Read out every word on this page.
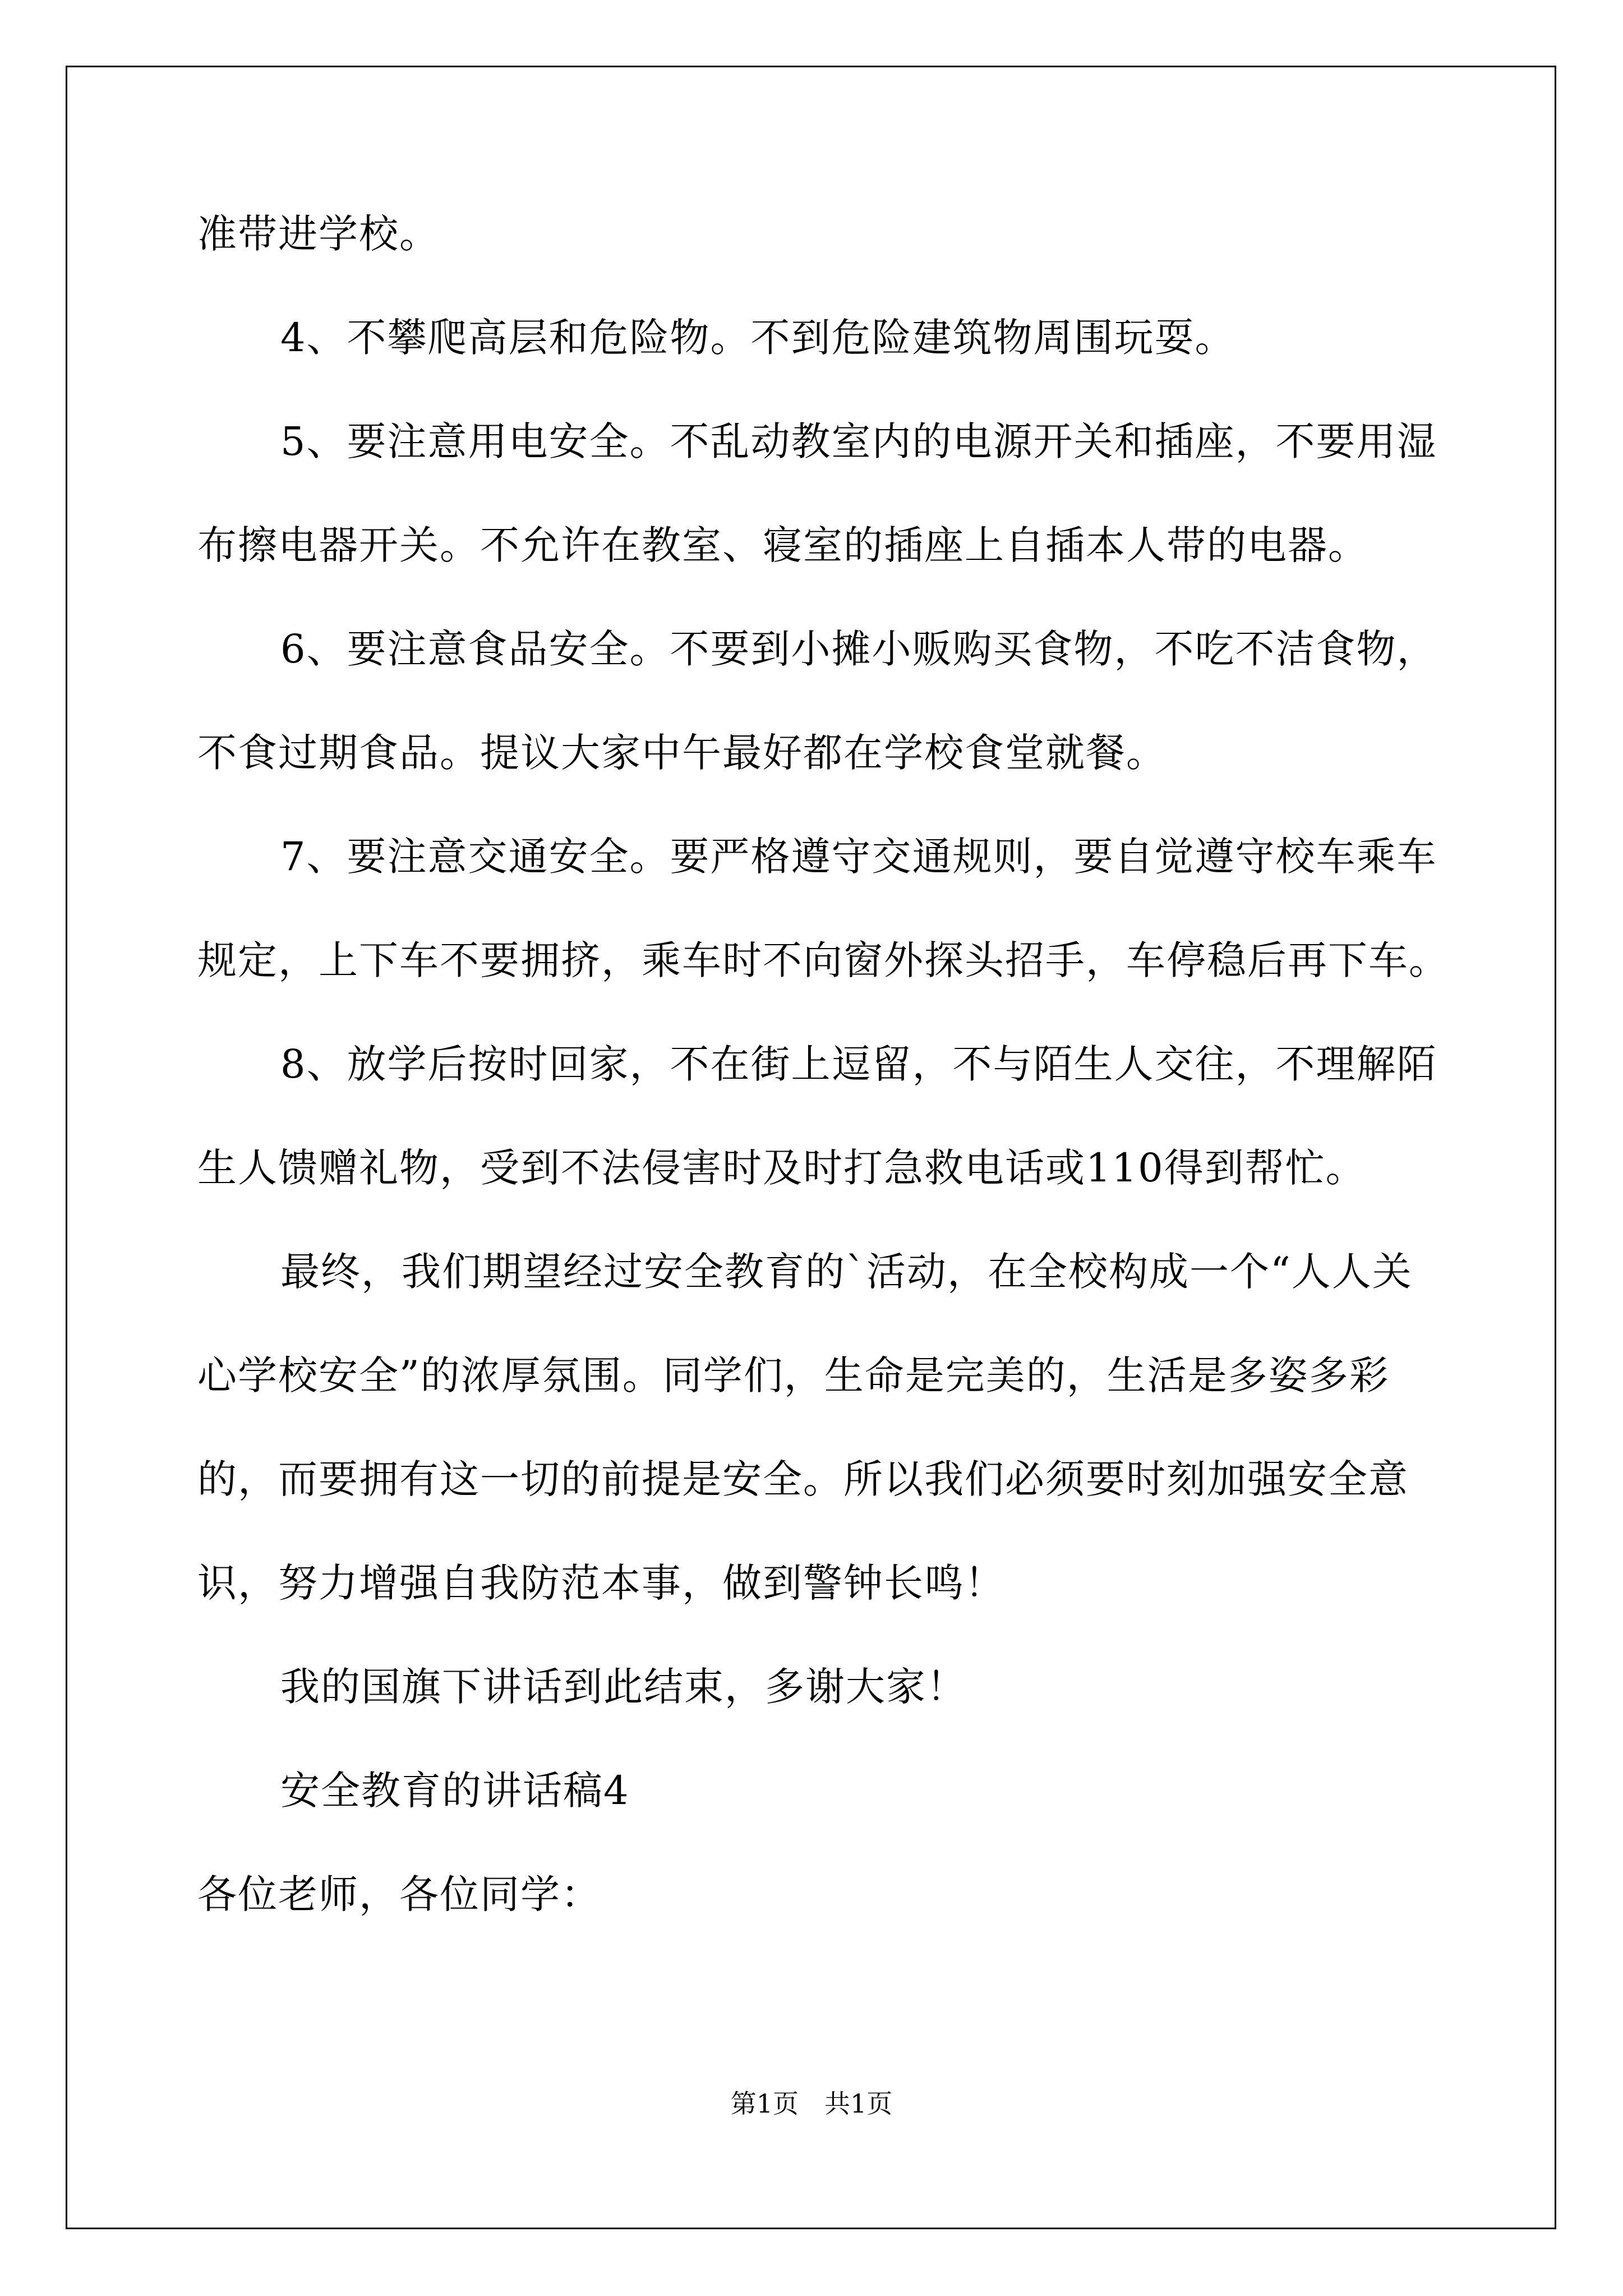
准带进学校。
4、不攀爬高层和危险物。不到危险建筑物周围玩耍。
5、要注意用电安全。不乱动教室内的电源开关和插座，不要用湿
布擦电器开关。不允许在教室、寝室的插座上自插本人带的电器。
6、要注意食品安全。不要到小摊小贩购买食物，不吃不洁食物，
不食过期食品。提议大家中午最好都在学校食堂就餐。
7、要注意交通安全。要严格遵守交通规则，要自觉遵守校车乘车
规定，上下车不要拥挤，乘车时不向窗外探头招手，车停稳后再下车。
8、放学后按时回家，不在街上逗留，不与陌生人交往，不理解陌
生人馈赠礼物，受到不法侵害时及时打急救电话或110得到帮忙。
最终，我们期望经过安全教育的`活动，在全校构成一个“人人关
心学校安全”的浓厚氛围。同学们，生命是完美的，生活是多姿多彩
的，而要拥有这一切的前提是安全。所以我们必须要时刻加强安全意
识，努力增强自我防范本事，做到警钟长鸣！
我的国旗下讲话到此结束，多谢大家！
安全教育的讲话稿4
各位老师，各位同学：
第1页　共1页
